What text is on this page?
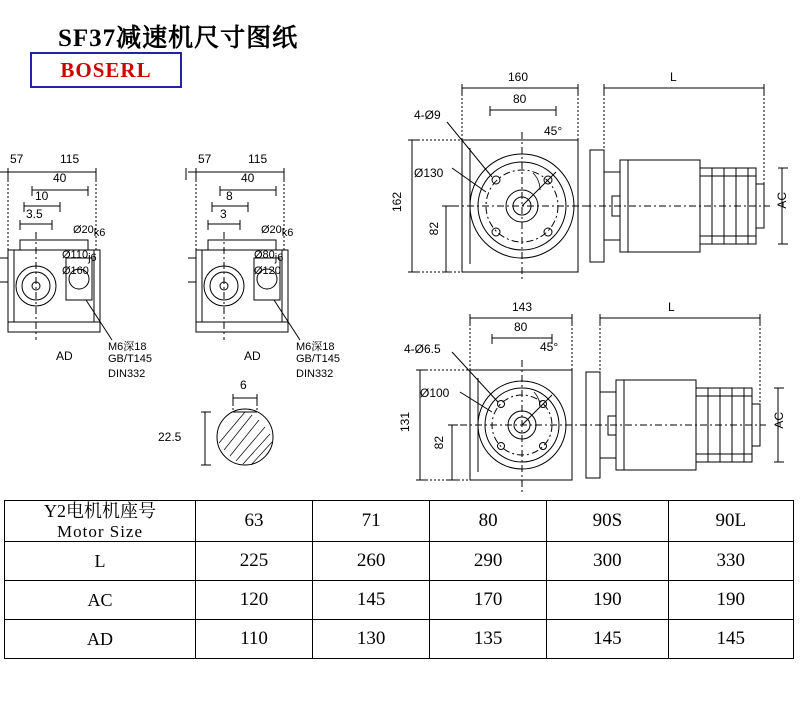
SF37减速机尺寸图纸
BOSERL
57	115
40
10
3.5
Ø20k6
Ø110j6
Ø160
AD
M6深18
GB/T145
DIN332
57	115
40
8
3
Ø20k6
Ø80j6
Ø120
AD
M6深18
GB/T145
DIN332
6
22.5
160
80
L
4-Ø9
45°
Ø130
162
82
AC
143
80
L
4-Ø6.5	45°
Ø100
131
82
AC
Y2电机机座号
Motor Size	63	71	80	90S	90L
L	225	260	290	300	330
AC	120	145	170	190	190
AD	110	130	135	145	145
